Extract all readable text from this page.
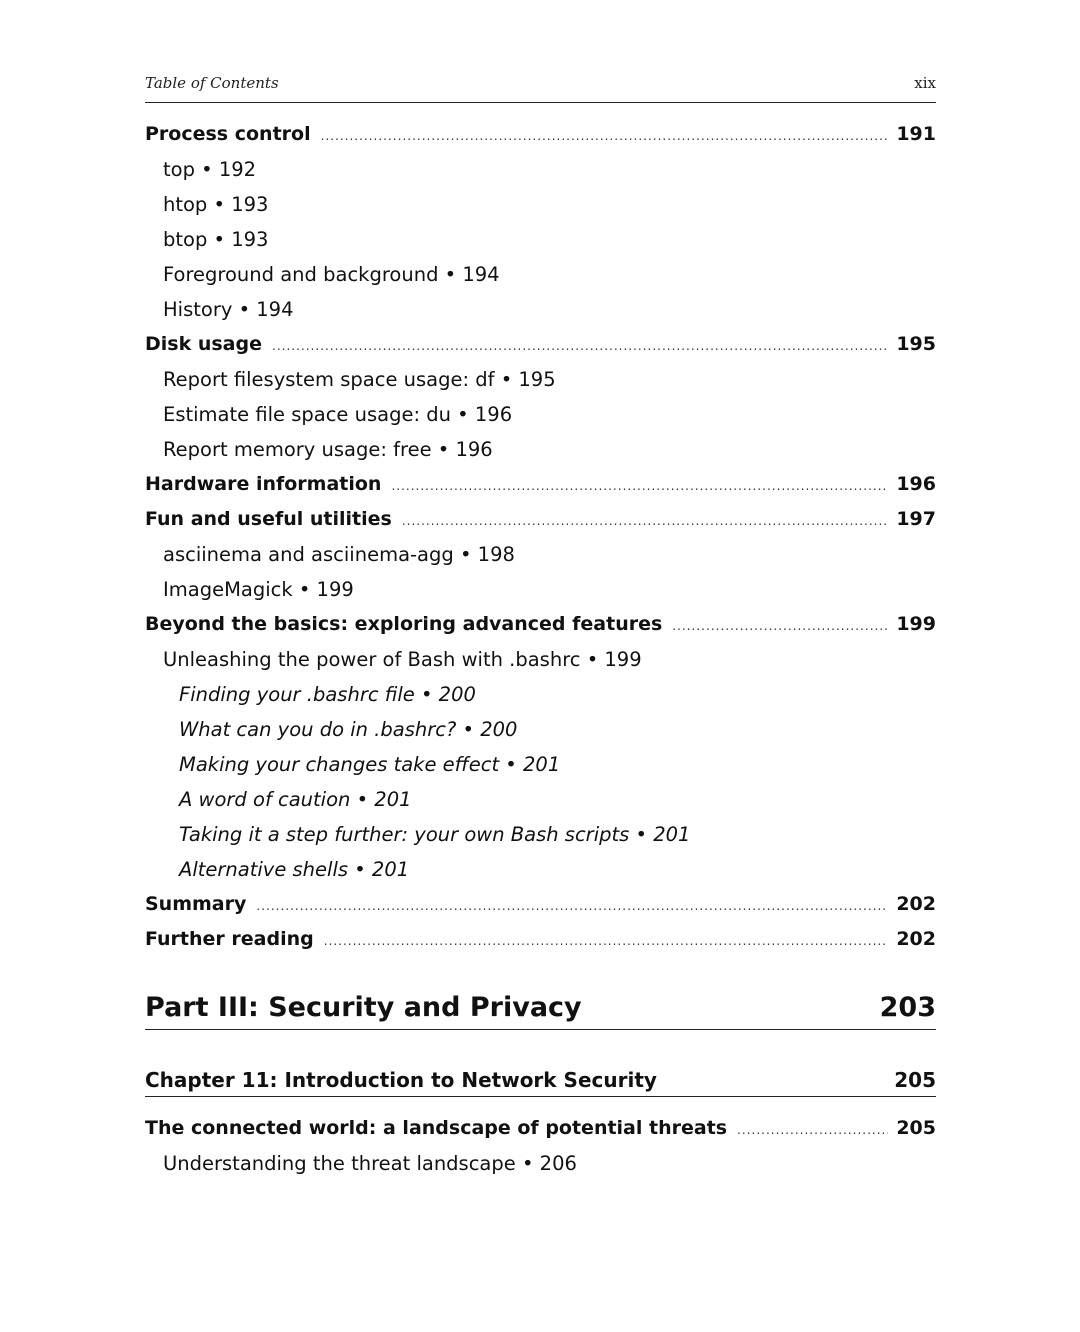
Table of Contents	xix
Process control .....	191
top • 192
htop • 193
btop • 193
Foreground and background • 194
History • 194
Disk usage .....	195
Report filesystem space usage: df • 195
Estimate file space usage: du • 196
Report memory usage: free • 196
Hardware information .....	196
Fun and useful utilities .....	197
asciinema and asciinema-agg • 198
ImageMagick • 199
Beyond the basics: exploring advanced features .....	199
Unleashing the power of Bash with .bashrc • 199
Finding your .bashrc file • 200
What can you do in .bashrc? • 200
Making your changes take effect • 201
A word of caution • 201
Taking it a step further: your own Bash scripts • 201
Alternative shells • 201
Summary .....	202
Further reading .....	202
Part III: Security and Privacy	203
Chapter 11: Introduction to Network Security	205
The connected world: a landscape of potential threats .....	205
Understanding the threat landscape • 206
